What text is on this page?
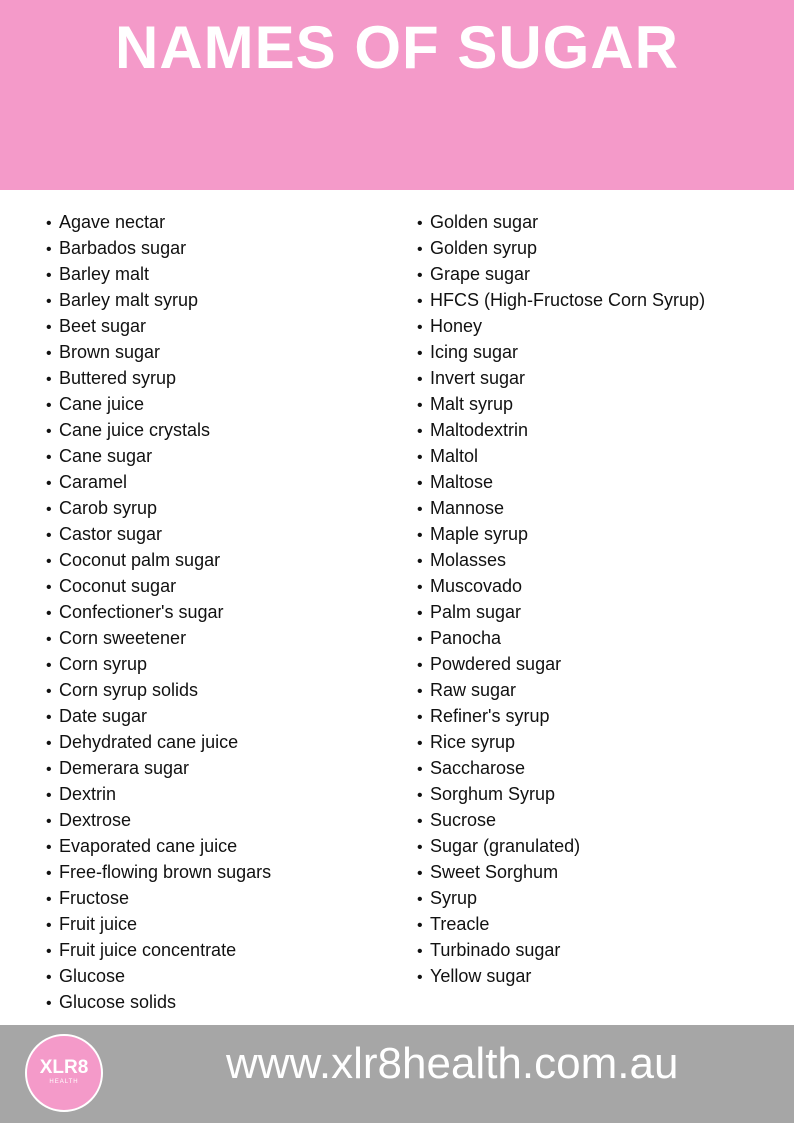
NAMES OF SUGAR
• Agave nectar
• Barbados sugar
• Barley malt
• Barley malt syrup
• Beet sugar
• Brown sugar
• Buttered syrup
• Cane juice
• Cane juice crystals
• Cane sugar
• Caramel
• Carob syrup
• Castor sugar
• Coconut palm sugar
• Coconut sugar
• Confectioner's sugar
• Corn sweetener
• Corn syrup
• Corn syrup solids
• Date sugar
• Dehydrated cane juice
• Demerara sugar
• Dextrin
• Dextrose
• Evaporated cane juice
• Free-flowing brown sugars
• Fructose
• Fruit juice
• Fruit juice concentrate
• Glucose
• Glucose solids
• Golden sugar
• Golden syrup
• Grape sugar
• HFCS (High-Fructose Corn Syrup)
• Honey
• Icing sugar
• Invert sugar
• Malt syrup
• Maltodextrin
• Maltol
• Maltose
• Mannose
• Maple syrup
• Molasses
• Muscovado
• Palm sugar
• Panocha
• Powdered sugar
• Raw sugar
• Refiner's syrup
• Rice syrup
• Saccharose
• Sorghum Syrup
• Sucrose
• Sugar (granulated)
• Sweet Sorghum
• Syrup
• Treacle
• Turbinado sugar
• Yellow sugar
XLR8
HEALTH	www.xlr8health.com.au
